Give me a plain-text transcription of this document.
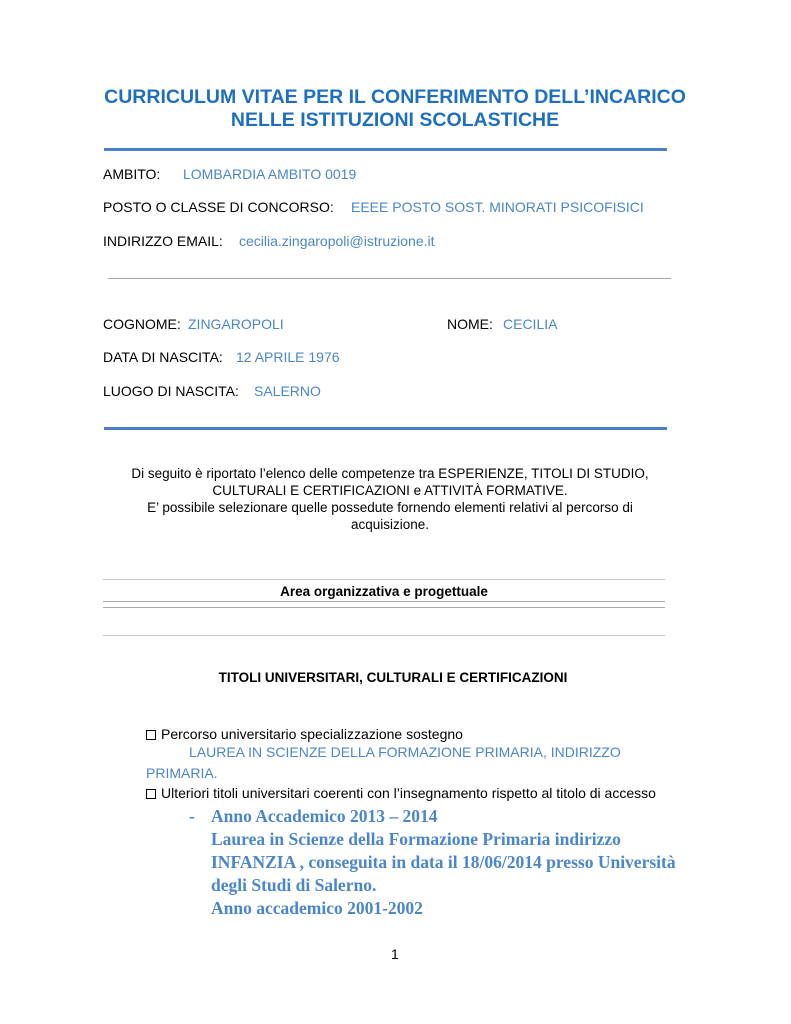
CURRICULUM VITAE PER IL CONFERIMENTO DELL’INCARICO
NELLE ISTITUZIONI SCOLASTICHE
AMBITO: LOMBARDIA AMBITO 0019
POSTO O CLASSE DI CONCORSO: EEEE POSTO SOST. MINORATI PSICOFISICI
INDIRIZZO EMAIL: cecilia.zingaropoli@istruzione.it
COGNOME: ZINGAROPOLI	NOME: CECILIA
DATA DI NASCITA: 12 APRILE 1976
LUOGO DI NASCITA: SALERNO
Di seguito è riportato l’elenco delle competenze tra ESPERIENZE, TITOLI DI STUDIO,
CULTURALI E CERTIFICAZIONI e ATTIVITÀ FORMATIVE.
E’ possibile selezionare quelle possedute fornendo elementi relativi al percorso di
acquisizione.
Area organizzativa e progettuale
TITOLI UNIVERSITARI, CULTURALI E CERTIFICAZIONI
Percorso universitario specializzazione sostegno
LAUREA IN SCIENZE DELLA FORMAZIONE PRIMARIA, INDIRIZZO
PRIMARIA.
Ulteriori titoli universitari coerenti con l’insegnamento rispetto al titolo di accesso
- Anno Accademico 2013 – 2014
Laurea in Scienze della Formazione Primaria indirizzo
INFANZIA , conseguita in data il 18/06/2014 presso Università
degli Studi di Salerno.
Anno accademico 2001-2002
1
